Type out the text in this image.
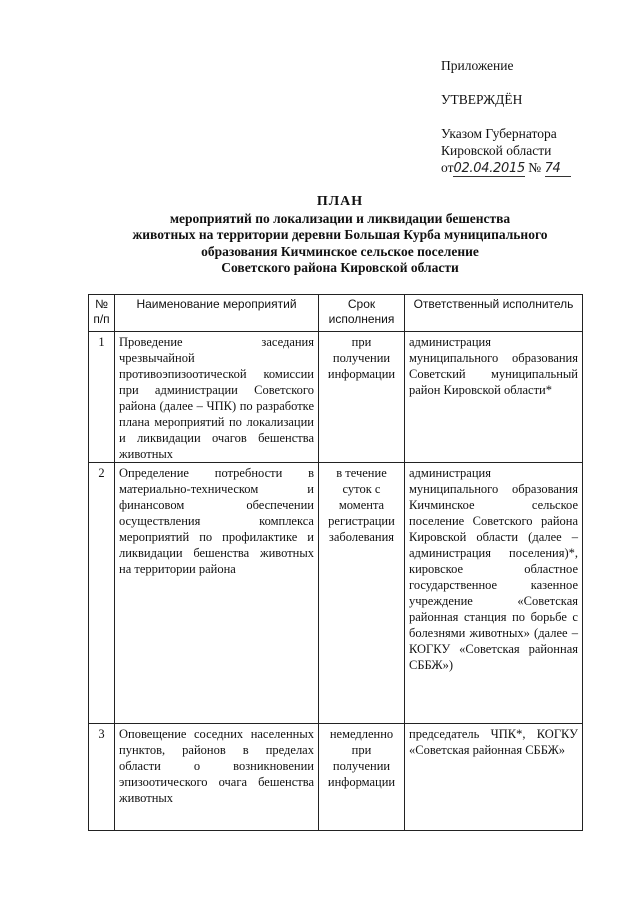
Приложение
УТВЕРЖДЁН
Указом Губернатора
Кировской области
от02.04.2015 № 74
ПЛАН
мероприятий по локализации и ликвидации бешенства
животных на территории деревни Большая Курба муниципального
образования Кичминское сельское поселение
Советского района Кировской области
№ п/п	Наименование мероприятий	Срок исполнения	Ответственный исполнитель
1	Проведение заседания чрезвычайной противоэпизоотической комиссии при администрации Советского района (далее – ЧПК) по разработке плана мероприятий по локализации и ликвидации очагов бешенства животных	при получении информации	администрация муниципального образования Советский муниципальный район Кировской области*
2	Определение потребности в материально-техническом и финансовом обеспечении осуществления комплекса мероприятий по профилактике и ликвидации бешенства животных на территории района	в течение суток с момента регистрации заболевания	администрация муниципального образования Кичминское сельское поселение Советского района Кировской области (далее – администрация поселения)*, кировское областное государственное казенное учреждение «Советская районная станция по борьбе с болезнями животных» (далее – КОГКУ «Советская районная СББЖ»)
3	Оповещение соседних населенных пунктов, районов в пределах области о возникновении эпизоотического очага бешенства животных	немедленно при получении информации	председатель ЧПК*, КОГКУ «Советская районная СББЖ»
